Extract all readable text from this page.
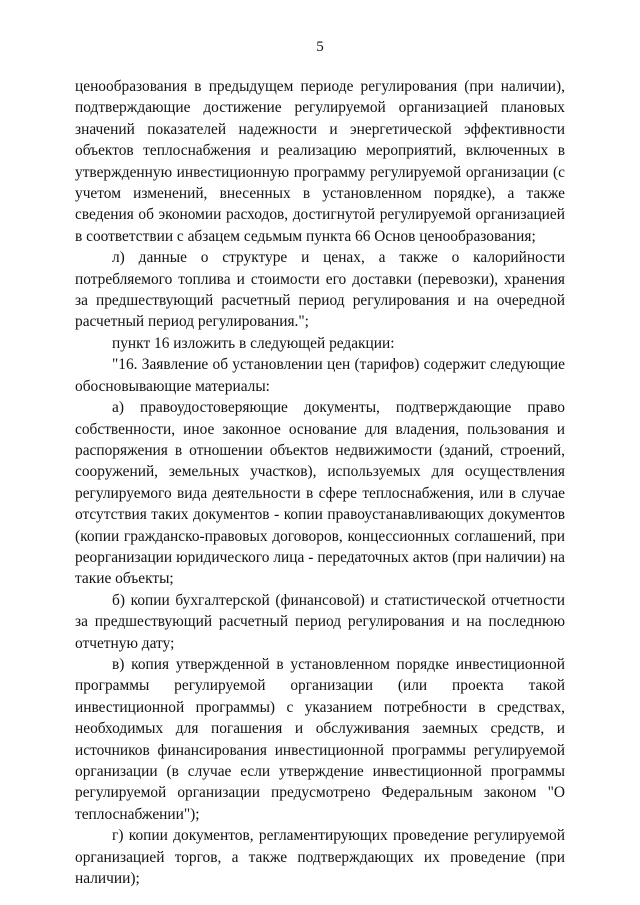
5

ценообразования в предыдущем периоде регулирования (при наличии), подтверждающие достижение регулируемой организацией плановых значений показателей надежности и энергетической эффективности объектов теплоснабжения и реализацию мероприятий, включенных в утвержденную инвестиционную программу регулируемой организации (с учетом изменений, внесенных в установленном порядке), а также сведения об экономии расходов, достигнутой регулируемой организацией в соответствии с абзацем седьмым пункта 66 Основ ценообразования;

л) данные о структуре и ценах, а также о калорийности потребляемого топлива и стоимости его доставки (перевозки), хранения за предшествующий расчетный период регулирования и на очередной расчетный период регулирования.";

пункт 16 изложить в следующей редакции:

"16. Заявление об установлении цен (тарифов) содержит следующие обосновывающие материалы:

а) правоудостоверяющие документы, подтверждающие право собственности, иное законное основание для владения, пользования и распоряжения в отношении объектов недвижимости (зданий, строений, сооружений, земельных участков), используемых для осуществления регулируемого вида деятельности в сфере теплоснабжения, или в случае отсутствия таких документов - копии правоустанавливающих документов (копии гражданско-правовых договоров, концессионных соглашений, при реорганизации юридического лица - передаточных актов (при наличии) на такие объекты;

б) копии бухгалтерской (финансовой) и статистической отчетности за предшествующий расчетный период регулирования и на последнюю отчетную дату;

в) копия утвержденной в установленном порядке инвестиционной программы регулируемой организации (или проекта такой инвестиционной программы) с указанием потребности в средствах, необходимых для погашения и обслуживания заемных средств, и источников финансирования инвестиционной программы регулируемой организации (в случае если утверждение инвестиционной программы регулируемой организации предусмотрено Федеральным законом "О теплоснабжении");

г) копии документов, регламентирующих проведение регулируемой организацией торгов, а также подтверждающих их проведение (при наличии);
